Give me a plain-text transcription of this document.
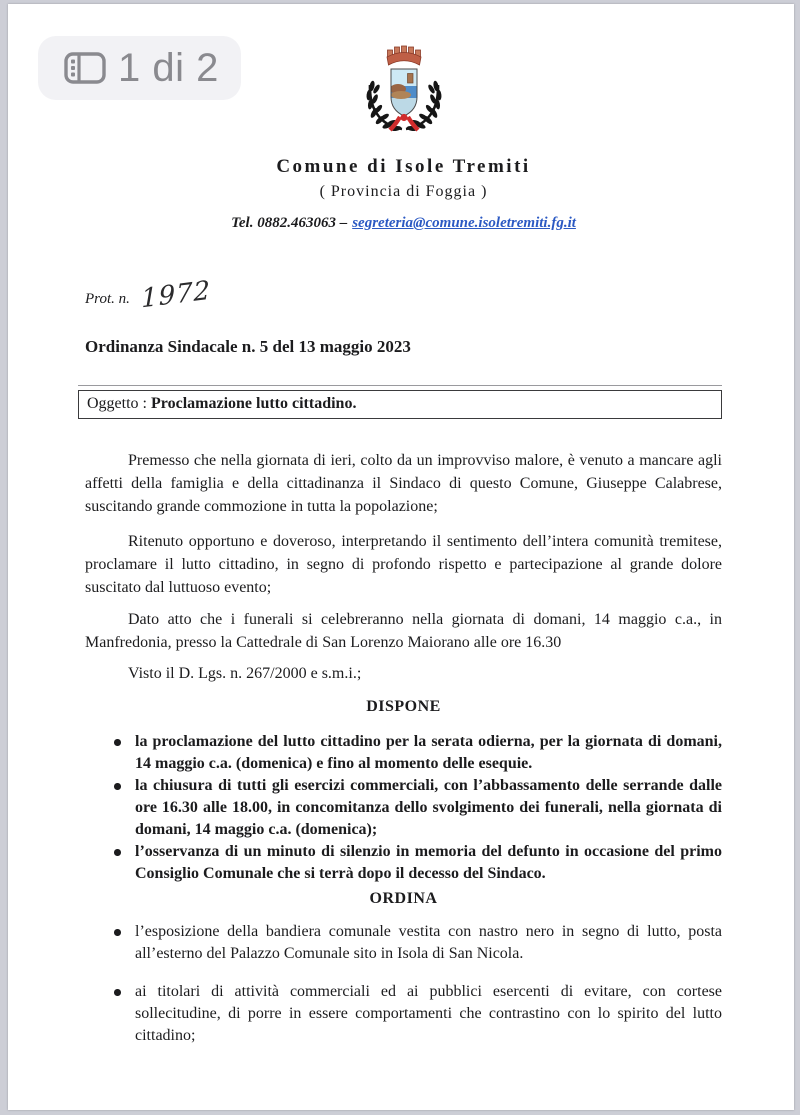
1 di 2
Comune di Isole Tremiti
( Provincia di Foggia )
Tel. 0882.463063 – segreteria@comune.isoletremiti.fg.it
Prot. n. 1972
Ordinanza Sindacale n. 5 del 13 maggio 2023
Oggetto : Proclamazione lutto cittadino.

Premesso che nella giornata di ieri, colto da un improvviso malore, è venuto a mancare agli affetti della famiglia e della cittadinanza il Sindaco di questo Comune, Giuseppe Calabrese, suscitando grande commozione in tutta la popolazione;

Ritenuto opportuno e doveroso, interpretando il sentimento dell’intera comunità tremitese, proclamare il lutto cittadino, in segno di profondo rispetto e partecipazione al grande dolore suscitato dal luttuoso evento;

Dato atto che i funerali si celebreranno nella giornata di domani, 14 maggio c.a., in Manfredonia, presso la Cattedrale di San Lorenzo Maiorano alle ore 16.30

Visto il D. Lgs. n. 267/2000 e s.m.i.;

DISPONE
la proclamazione del lutto cittadino per la serata odierna, per la giornata di domani, 14 maggio c.a. (domenica) e fino al momento delle esequie.
la chiusura di tutti gli esercizi commerciali, con l’abbassamento delle serrande dalle ore 16.30 alle 18.00, in concomitanza dello svolgimento dei funerali, nella giornata di domani, 14 maggio c.a. (domenica);
l’osservanza di un minuto di silenzio in memoria del defunto in occasione del primo Consiglio Comunale che si terrà dopo il decesso del Sindaco.
ORDINA
l’esposizione della bandiera comunale vestita con nastro nero in segno di lutto, posta all’esterno del Palazzo Comunale sito in Isola di San Nicola.
ai titolari di attività commerciali ed ai pubblici esercenti di evitare, con cortese sollecitudine, di porre in essere comportamenti che contrastino con lo spirito del lutto cittadino;
